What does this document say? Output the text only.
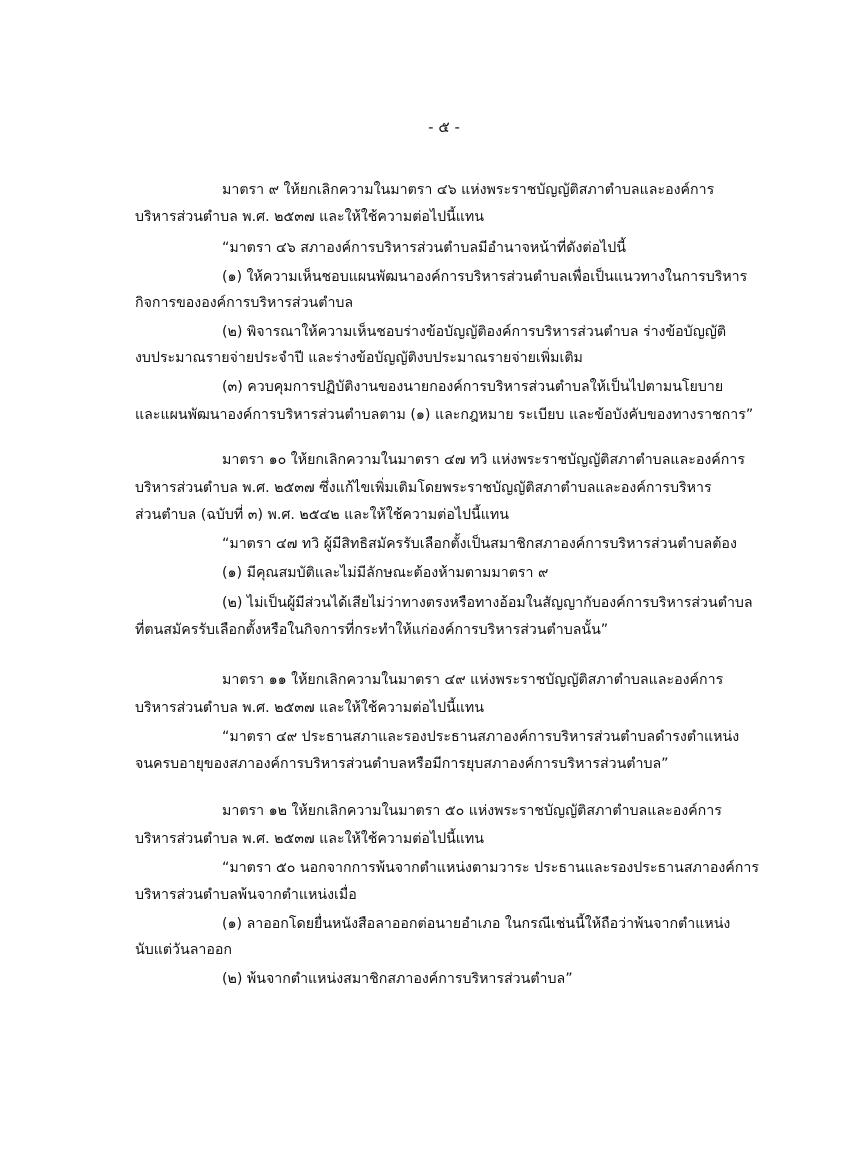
- ๕ -
มาตรา ๙ ให้ยกเลิกความในมาตรา ๔๖ แห่งพระราชบัญญัติสภาตำบลและองค์การ
บริหารส่วนตำบล พ.ศ. ๒๕๓๗ และให้ใช้ความต่อไปนี้แทน
“มาตรา ๔๖ สภาองค์การบริหารส่วนตำบลมีอำนาจหน้าที่ดังต่อไปนี้
(๑) ให้ความเห็นชอบแผนพัฒนาองค์การบริหารส่วนตำบลเพื่อเป็นแนวทางในการบริหาร
กิจการขององค์การบริหารส่วนตำบล
(๒) พิจารณาให้ความเห็นชอบร่างข้อบัญญัติองค์การบริหารส่วนตำบล ร่างข้อบัญญัติ
งบประมาณรายจ่ายประจำปี และร่างข้อบัญญัติงบประมาณรายจ่ายเพิ่มเติม
(๓) ควบคุมการปฏิบัติงานของนายกองค์การบริหารส่วนตำบลให้เป็นไปตามนโยบาย
และแผนพัฒนาองค์การบริหารส่วนตำบลตาม (๑) และกฎหมาย ระเบียบ และข้อบังคับของทางราชการ”
มาตรา ๑๐ ให้ยกเลิกความในมาตรา ๔๗ ทวิ แห่งพระราชบัญญัติสภาตำบลและองค์การ
บริหารส่วนตำบล พ.ศ. ๒๕๓๗ ซึ่งแก้ไขเพิ่มเติมโดยพระราชบัญญัติสภาตำบลและองค์การบริหาร
ส่วนตำบล (ฉบับที่ ๓) พ.ศ. ๒๕๔๒ และให้ใช้ความต่อไปนี้แทน
“มาตรา ๔๗ ทวิ ผู้มีสิทธิสมัครรับเลือกตั้งเป็นสมาชิกสภาองค์การบริหารส่วนตำบลต้อง
(๑) มีคุณสมบัติและไม่มีลักษณะต้องห้ามตามมาตรา ๙
(๒) ไม่เป็นผู้มีส่วนได้เสียไม่ว่าทางตรงหรือทางอ้อมในสัญญากับองค์การบริหารส่วนตำบล
ที่ตนสมัครรับเลือกตั้งหรือในกิจการที่กระทำให้แก่องค์การบริหารส่วนตำบลนั้น”
มาตรา ๑๑ ให้ยกเลิกความในมาตรา ๔๙ แห่งพระราชบัญญัติสภาตำบลและองค์การ
บริหารส่วนตำบล พ.ศ. ๒๕๓๗ และให้ใช้ความต่อไปนี้แทน
“มาตรา ๔๙ ประธานสภาและรองประธานสภาองค์การบริหารส่วนตำบลดำรงตำแหน่ง
จนครบอายุของสภาองค์การบริหารส่วนตำบลหรือมีการยุบสภาองค์การบริหารส่วนตำบล”
มาตรา ๑๒ ให้ยกเลิกความในมาตรา ๕๐ แห่งพระราชบัญญัติสภาตำบลและองค์การ
บริหารส่วนตำบล พ.ศ. ๒๕๓๗ และให้ใช้ความต่อไปนี้แทน
“มาตรา ๕๐ นอกจากการพ้นจากตำแหน่งตามวาระ ประธานและรองประธานสภาองค์การ
บริหารส่วนตำบลพ้นจากตำแหน่งเมื่อ
(๑) ลาออกโดยยื่นหนังสือลาออกต่อนายอำเภอ ในกรณีเช่นนี้ให้ถือว่าพ้นจากตำแหน่ง
นับแต่วันลาออก
(๒) พ้นจากตำแหน่งสมาชิกสภาองค์การบริหารส่วนตำบล”
